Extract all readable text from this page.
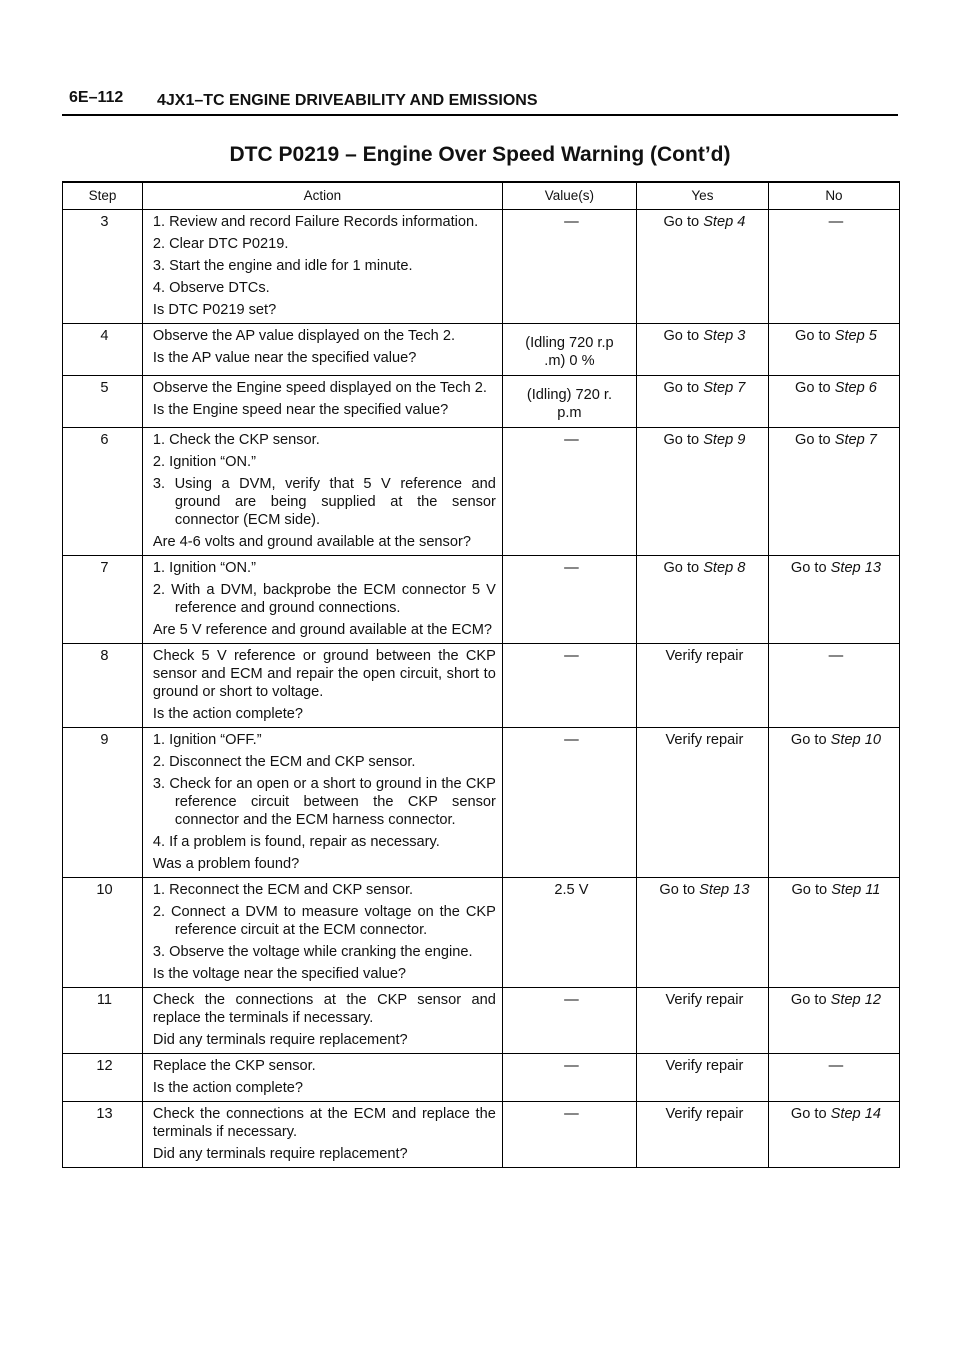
6E–112 4JX1–TC ENGINE DRIVEABILITY AND EMISSIONS
DTC P0219 – Engine Over Speed Warning (Cont’d)
Step	Action	Value(s)	Yes	No
3	1. Review and record Failure Records information.
2. Clear DTC P0219.
3. Start the engine and idle for 1 minute.
4. Observe DTCs.
Is DTC P0219 set?	—	Go to Step 4	—
4	Observe the AP value displayed on the Tech 2.
Is the AP value near the specified value?	(Idling 720 r.p .m) 0 %	Go to Step 3	Go to Step 5
5	Observe the Engine speed displayed on the Tech 2.
Is the Engine speed near the specified value?	(Idling) 720 r. p.m	Go to Step 7	Go to Step 6
6	1. Check the CKP sensor.
2. Ignition “ON.”
3. Using a DVM, verify that 5 V reference and ground are being supplied at the sensor connector (ECM side).
Are 4-6 volts and ground available at the sensor?	—	Go to Step 9	Go to Step 7
7	1. Ignition “ON.”
2. With a DVM, backprobe the ECM connector 5 V reference and ground connections.
Are 5 V reference and ground available at the ECM?	—	Go to Step 8	Go to Step 13
8	Check 5 V reference or ground between the CKP sensor and ECM and repair the open circuit, short to ground or short to voltage.
Is the action complete?	—	Verify repair	—
9	1. Ignition “OFF.”
2. Disconnect the ECM and CKP sensor.
3. Check for an open or a short to ground in the CKP reference circuit between the CKP sensor connector and the ECM harness connector.
4. If a problem is found, repair as necessary.
Was a problem found?	—	Verify repair	Go to Step 10
10	1. Reconnect the ECM and CKP sensor.
2. Connect a DVM to measure voltage on the CKP reference circuit at the ECM connector.
3. Observe the voltage while cranking the engine.
Is the voltage near the specified value?	2.5 V	Go to Step 13	Go to Step 11
11	Check the connections at the CKP sensor and replace the terminals if necessary.
Did any terminals require replacement?	—	Verify repair	Go to Step 12
12	Replace the CKP sensor.
Is the action complete?	—	Verify repair	—
13	Check the connections at the ECM and replace the terminals if necessary.
Did any terminals require replacement?	—	Verify repair	Go to Step 14
